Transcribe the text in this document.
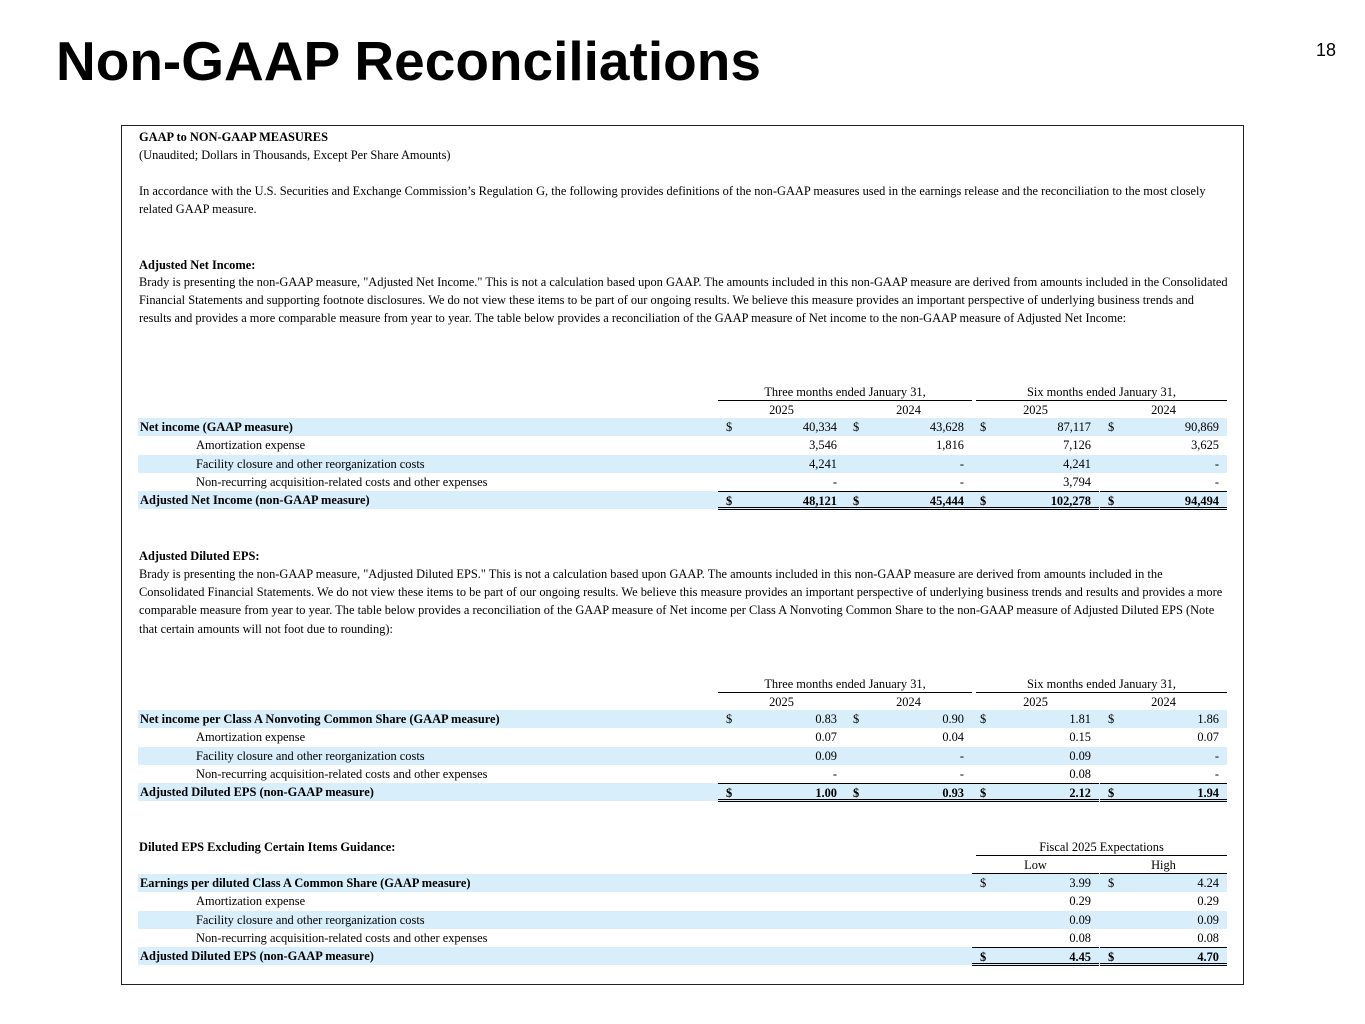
Non-GAAP Reconciliations	18
GAAP to NON-GAAP MEASURES
(Unaudited; Dollars in Thousands, Except Per Share Amounts)
In accordance with the U.S. Securities and Exchange Commission’s Regulation G, the following provides definitions of the non-GAAP measures used in the earnings release and the reconciliation to the most closely related GAAP measure.
Adjusted Net Income:
Brady is presenting the non-GAAP measure, "Adjusted Net Income." This is not a calculation based upon GAAP. The amounts included in this non-GAAP measure are derived from amounts included in the Consolidated Financial Statements and supporting footnote disclosures. We do not view these items to be part of our ongoing results. We believe this measure provides an important perspective of underlying business trends and results and provides a more comparable measure from year to year. The table below provides a reconciliation of the GAAP measure of Net income to the non-GAAP measure of Adjusted Net Income:
Three months ended January 31,	Six months ended January 31,
2025	2024	2025	2024
Net income (GAAP measure)	$	40,334 $	43,628 $	87,117 $	90,869
Amortization expense	3,546	1,816	7,126	3,625
Facility closure and other reorganization costs	4,241	-	4,241	-
Non-recurring acquisition-related costs and other expenses	-	-	3,794	-
Adjusted Net Income (non-GAAP measure)	$	48,121 $	45,444 $	102,278 $	94,494
Adjusted Diluted EPS:
Brady is presenting the non-GAAP measure, "Adjusted Diluted EPS." This is not a calculation based upon GAAP. The amounts included in this non-GAAP measure are derived from amounts included in the Consolidated Financial Statements. We do not view these items to be part of our ongoing results. We believe this measure provides an important perspective of underlying business trends and results and provides a more comparable measure from year to year. The table below provides a reconciliation of the GAAP measure of Net income per Class A Nonvoting Common Share to the non-GAAP measure of Adjusted Diluted EPS (Note that certain amounts will not foot due to rounding):
Three months ended January 31,	Six months ended January 31,
2025	2024	2025	2024
Net income per Class A Nonvoting Common Share (GAAP measure)	$	0.83 $	0.90 $	1.81 $	1.86
Amortization expense	0.07	0.04	0.15	0.07
Facility closure and other reorganization costs	0.09	-	0.09	-
Non-recurring acquisition-related costs and other expenses	-	-	0.08	-
Adjusted Diluted EPS (non-GAAP measure)	$	1.00 $	0.93 $	2.12 $	1.94
Diluted EPS Excluding Certain Items Guidance:	Fiscal 2025 Expectations
Low	High
Earnings per diluted Class A Common Share (GAAP measure)	$	3.99 $	4.24
Amortization expense	0.29	0.29
Facility closure and other reorganization costs	0.09	0.09
Non-recurring acquisition-related costs and other expenses	0.08	0.08
Adjusted Diluted EPS (non-GAAP measure)	$	4.45 $	4.70
